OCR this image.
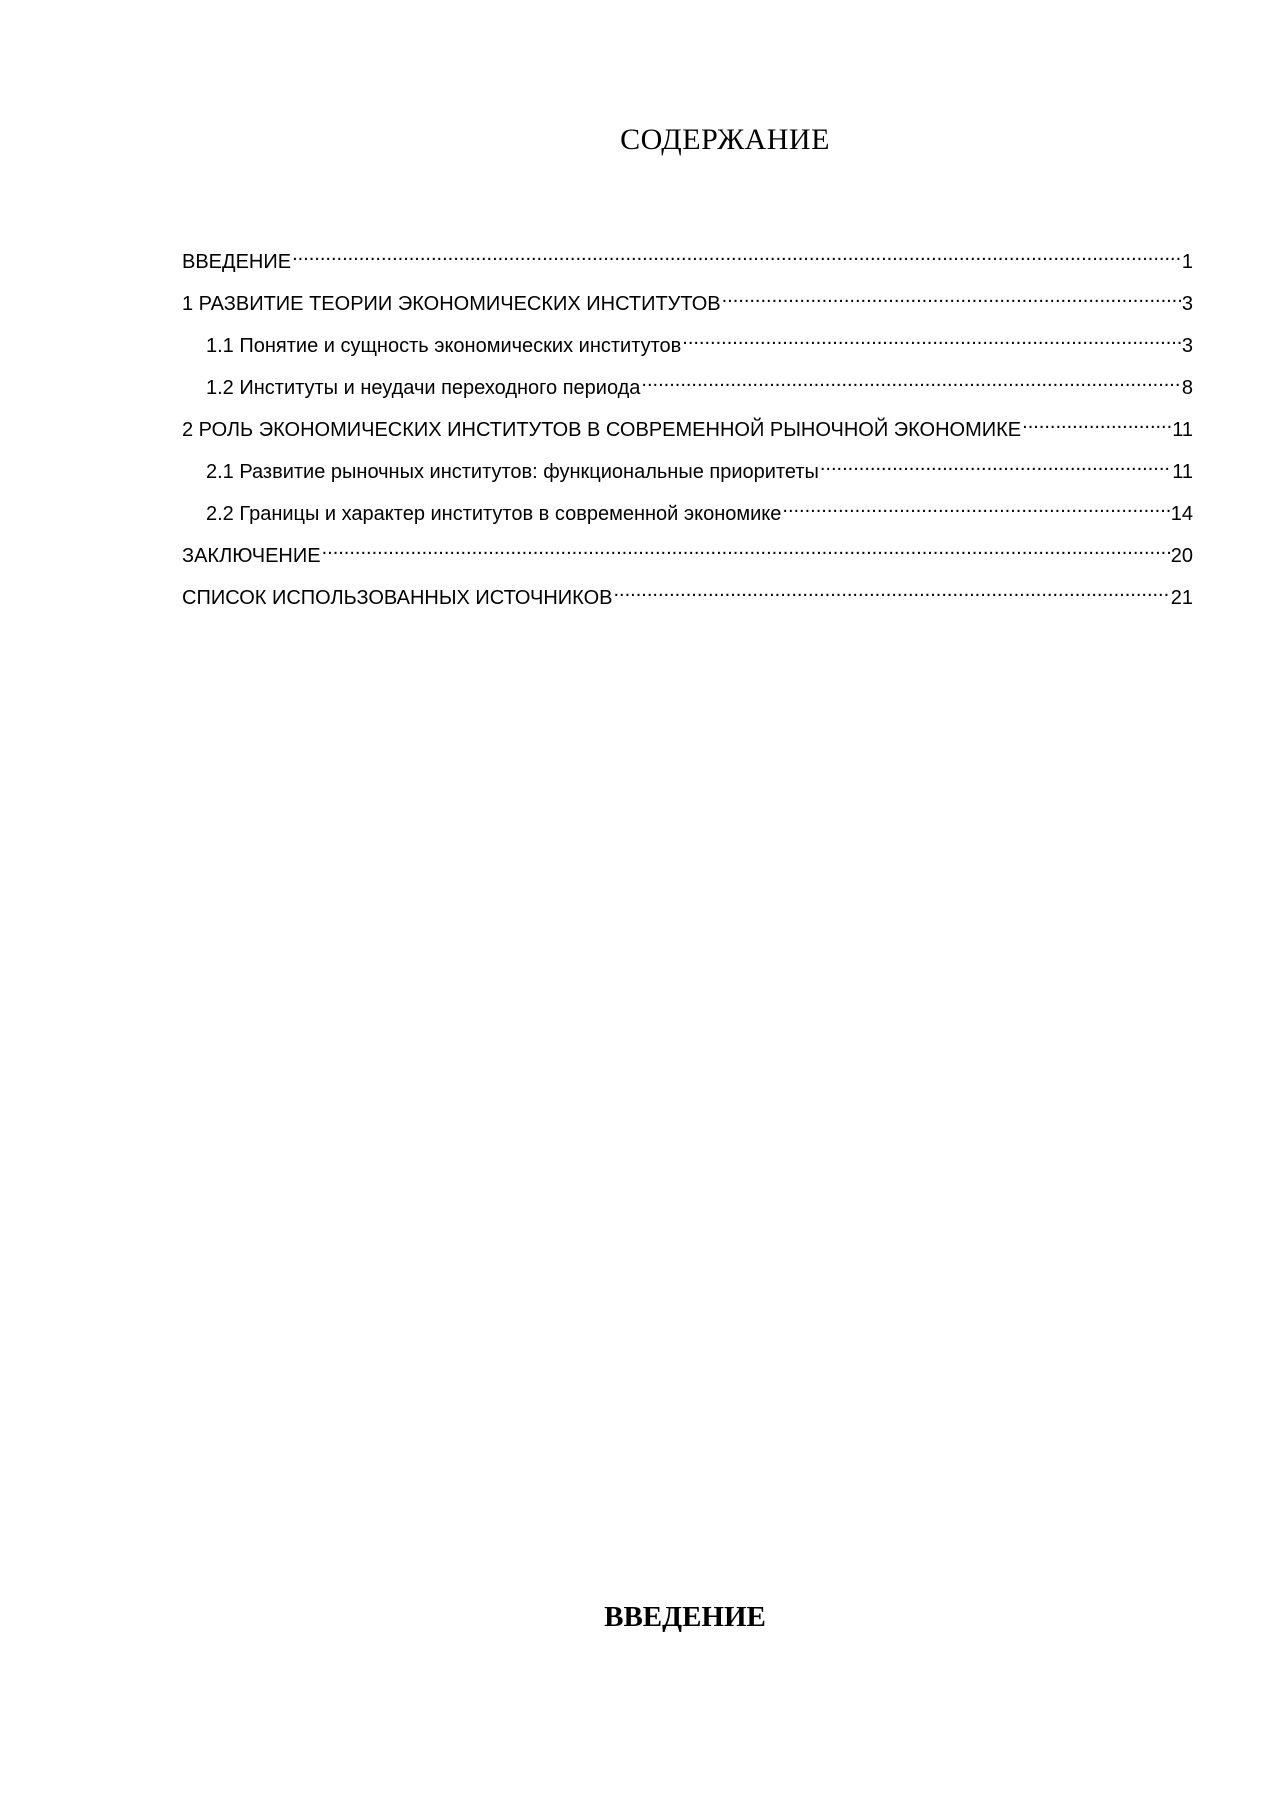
СОДЕРЖАНИЕ
ВВЕДЕНИЕ .....	1
1 РАЗВИТИЕ ТЕОРИИ ЭКОНОМИЧЕСКИХ ИНСТИТУТОВ .....	3
1.1 Понятие и сущность экономических институтов .....	3
1.2 Институты и неудачи переходного периода .....	8
2 РОЛЬ ЭКОНОМИЧЕСКИХ ИНСТИТУТОВ В СОВРЕМЕННОЙ РЫНОЧНОЙ ЭКОНОМИКЕ .....	11
2.1 Развитие рыночных институтов: функциональные приоритеты .....	11
2.2 Границы и характер институтов в современной экономике .....	14
ЗАКЛЮЧЕНИЕ .....	20
СПИСОК ИСПОЛЬЗОВАННЫХ ИСТОЧНИКОВ .....	21
ВВЕДЕНИЕ
